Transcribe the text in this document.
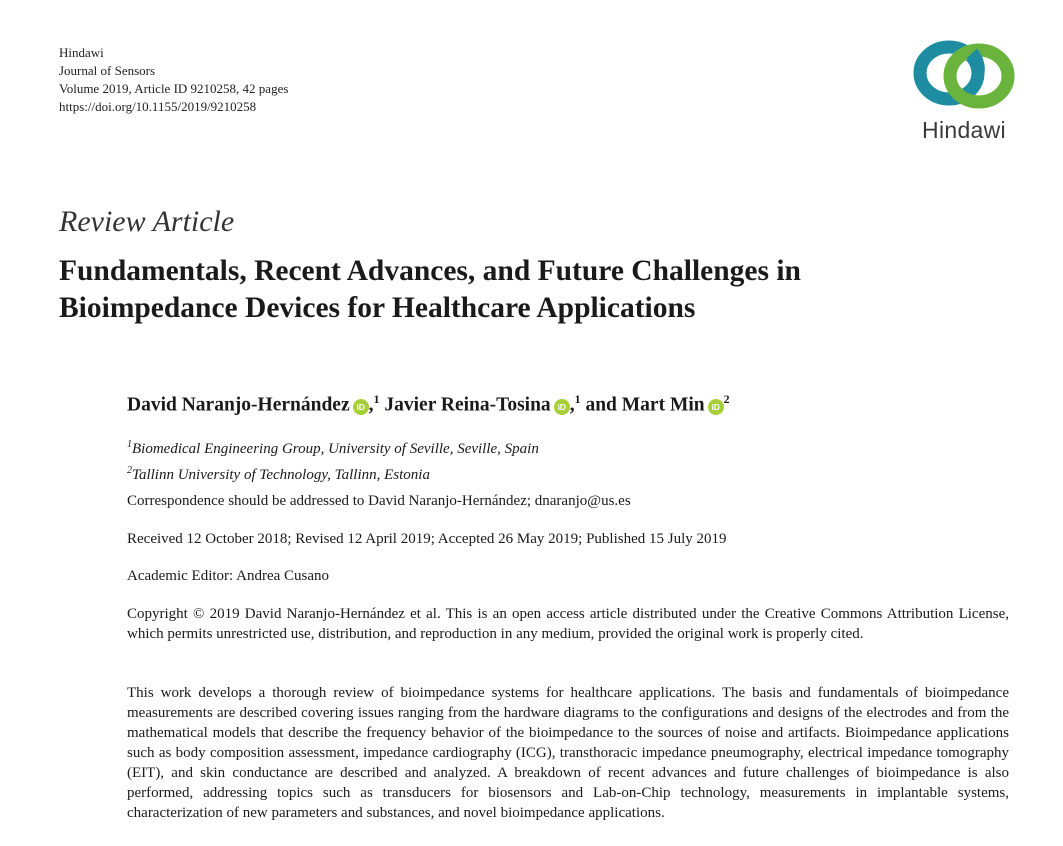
Hindawi
Journal of Sensors
Volume 2019, Article ID 9210258, 42 pages
https://doi.org/10.1155/2019/9210258
Hindawi
Review Article
Fundamentals, Recent Advances, and Future Challenges in Bioimpedance Devices for Healthcare Applications
David Naranjo-Hernández iD ,$^1$ Javier Reina-Tosina iD ,$^1$ and Mart Min $iD^2$
$^1$Biomedical Engineering Group, University of Seville, Seville, Spain
$^2$Tallinn University of Technology, Tallinn, Estonia
Correspondence should be addressed to David Naranjo-Hernández; dnaranjo@us.es
Received 12 October 2018; Revised 12 April 2019; Accepted 26 May 2019; Published 15 July 2019
Academic Editor: Andrea Cusano
Copyright © 2019 David Naranjo-Hernández et al. This is an open access article distributed under the Creative Commons Attribution License, which permits unrestricted use, distribution, and reproduction in any medium, provided the original work is properly cited.
This work develops a thorough review of bioimpedance systems for healthcare applications. The basis and fundamentals of bioimpedance measurements are described covering issues ranging from the hardware diagrams to the configurations and designs of the electrodes and from the mathematical models that describe the frequency behavior of the bioimpedance to the sources of noise and artifacts. Bioimpedance applications such as body composition assessment, impedance cardiography (ICG), transthoracic impedance pneumography, electrical impedance tomography (EIT), and skin conductance are described and analyzed. A breakdown of recent advances and future challenges of bioimpedance is also performed, addressing topics such as transducers for biosensors and Lab-on-Chip technology, measurements in implantable systems, characterization of new parameters and substances, and novel bioimpedance applications.
